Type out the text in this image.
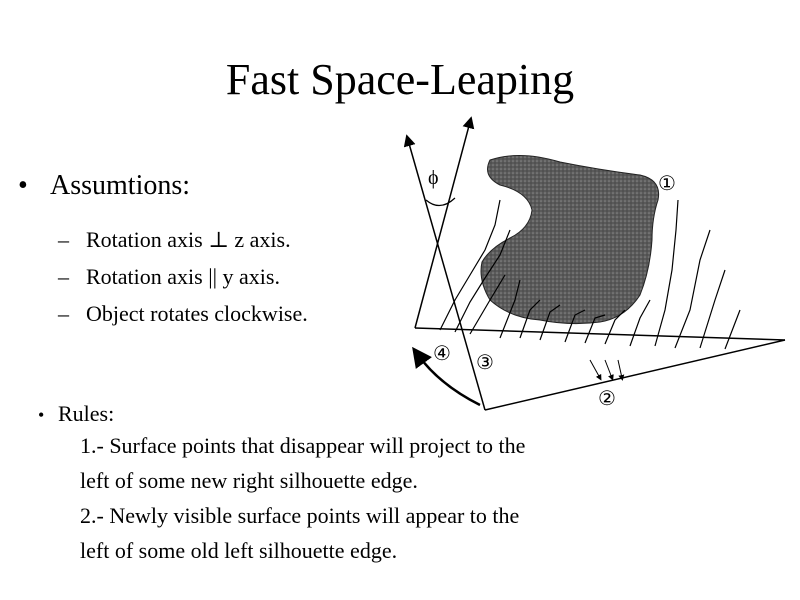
Fast Space-Leaping
• Assumtions:
– Rotation axis ⊥ z axis.
– Rotation axis || y axis.
– Object rotates clockwise.
• Rules:
1.- Surface points that disappear will project to the
left of some new right silhouette edge.
2.- Newly visible surface points will appear to the
left of some old left silhouette edge.
ϕ	①
②
③
④
